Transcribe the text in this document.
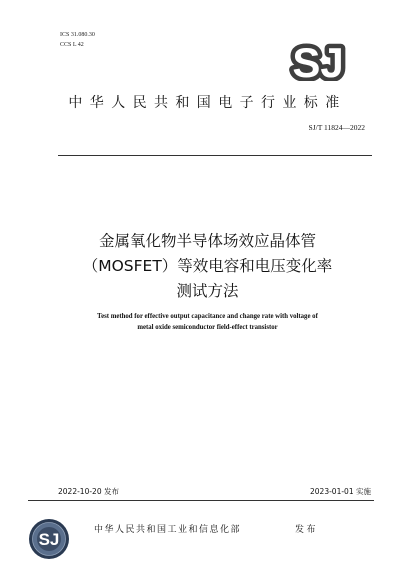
ICS 31.080.30
CCS L 42	SJ
中华人民共和国电子行业标准
SJ/T 11824—2022
金属氧化物半导体场效应晶体管
（MOSFET）等效电容和电压变化率
测试方法
Test method for effective output capacitance and change rate with voltage of
metal oxide semiconductor field-effect transistor
2022-10-20 发布	2023-01-01 实施
SJ	中华人民共和国工业和信息化部	发布
